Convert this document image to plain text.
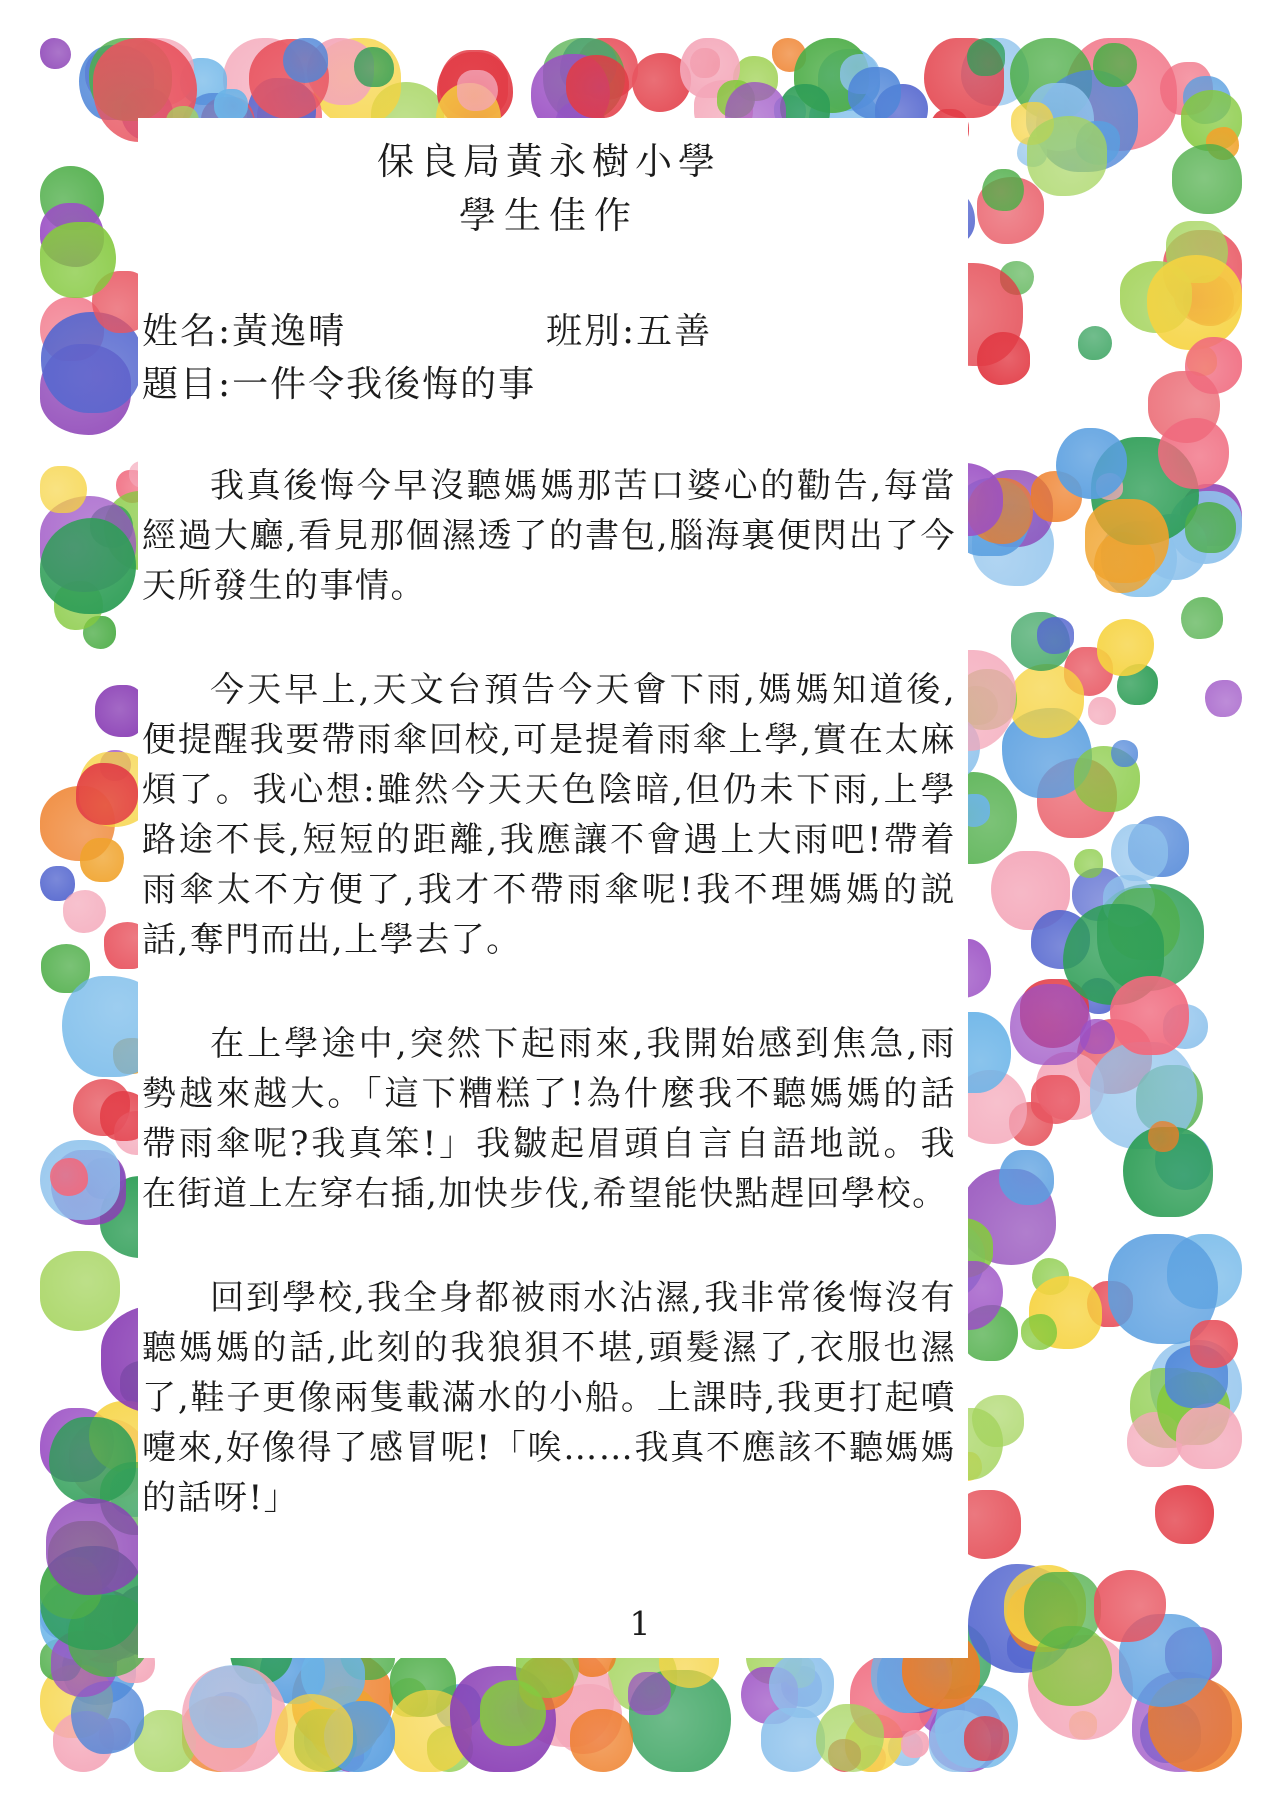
保良局黃永樹小學
學生佳作
姓名:黃逸晴	班別:五善
題目:一件令我後悔的事

我真後悔今早沒聽媽媽那苦口婆心的勸告,每當經過大廳,看見那個濕透了的書包,腦海裏便閃出了今天所發生的事情。

今天早上,天文台預告今天會下雨,媽媽知道後,便提醒我要帶雨傘回校,可是提着雨傘上學,實在太麻煩了。我心想:雖然今天天色陰暗,但仍未下雨,上學路途不長,短短的距離,我應讓不會遇上大雨吧!帶着雨傘太不方便了,我才不帶雨傘呢!我不理媽媽的説話,奪門而出,上學去了。

在上學途中,突然下起雨來,我開始感到焦急,雨勢越來越大。「這下糟糕了!為什麼我不聽媽媽的話帶雨傘呢?我真笨!」我皺起眉頭自言自語地説。我在街道上左穿右插,加快步伐,希望能快點趕回學校。

回到學校,我全身都被雨水沾濕,我非常後悔沒有聽媽媽的話,此刻的我狼狽不堪,頭髮濕了,衣服也濕了,鞋子更像兩隻載滿水的小船。上課時,我更打起噴嚏來,好像得了感冒呢!「唉……我真不應該不聽媽媽的話呀!」

1
